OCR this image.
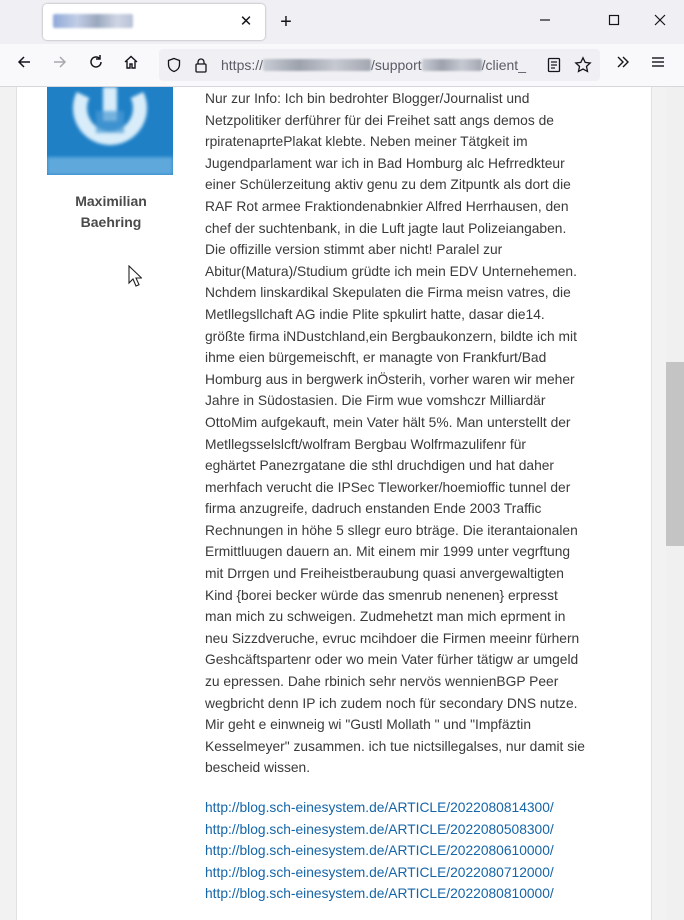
✕ +
https://	/support	/client_
Maximilian
Baehring
Nur zur Info: Ich bin bedrohter Blogger/Journalist und
Netzpolitiker derführer für dei Freihet satt angs demos de
rpiratenaprtePlakat klebte. Neben meiner Tätgkeit im
Jugendparlament war ich in Bad Homburg alc Hefrredkteur
einer Schülerzeitung aktiv genu zu dem Zitpuntk als dort die
RAF Rot armee Fraktiondenabnkier Alfred Herrhausen, den
chef der suchtenbank, in die Luft jagte laut Polizeiangaben.
Die offizille version stimmt aber nicht! Paralel zur
Abitur(Matura)/Studium grüdte ich mein EDV Unternehemen.
Nchdem linskardikal Skepulaten die Firma meisn vatres, die
Metllegsllchaft AG indie Plite spkulirt hatte, dasar die14.
größte firma iNDustchland,ein Bergbaukonzern, bildte ich mit
ihme eien bürgemeischft, er managte von Frankfurt/Bad
Homburg aus in bergwerk inÖsterih, vorher waren wir meher
Jahre in Südostasien. Die Firm wue vomshczr Milliardär
OttoMim aufgekauft, mein Vater hält 5%. Man unterstellt der
Metllegsselslcft/wolfram Bergbau Wolfrmazulifenr für
eghärtet Panezrgatane die sthl druchdigen und hat daher
merhfach verucht die IPSec Tleworker/hoemioffic tunnel der
firma anzugreife, dadruch enstanden Ende 2003 Traffic
Rechnungen in höhe 5 sllegr euro bträge. Die iterantaionalen
Ermittluugen dauern an. Mit einem mir 1999 unter vegrftung
mit Drrgen und Freiheistberaubung quasi anvergewaltigten
Kind {borei becker würde das smenrub nenenen} erpresst
man mich zu schweigen. Zudmehetzt man mich eprment in
neu Sizzdveruche, evruc mcihdoer die Firmen meeinr fürhern
Geshcäftspartenr oder wo mein Vater fürher tätigw ar umgeld
zu epressen. Dahe rbinich sehr nervös wennienBGP Peer
wegbricht denn IP ich zudem noch für secondary DNS nutze.
Mir geht e einwneig wi "Gustl Mollath " und "Impfäztin
Kesselmeyer" zusammen. ich tue nictsillegalses, nur damit sie
bescheid wissen.
http://blog.sch-einesystem.de/ARTICLE/2022080814300/
http://blog.sch-einesystem.de/ARTICLE/2022080508300/
http://blog.sch-einesystem.de/ARTICLE/2022080610000/
http://blog.sch-einesystem.de/ARTICLE/2022080712000/
http://blog.sch-einesystem.de/ARTICLE/2022080810000/
